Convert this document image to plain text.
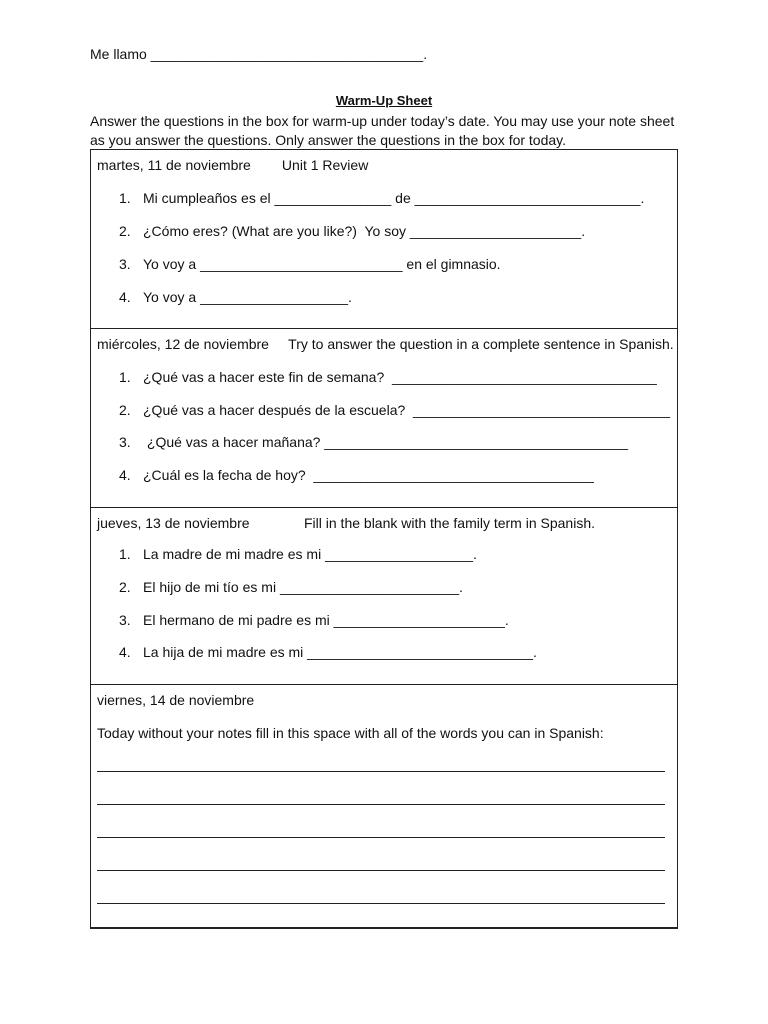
Me llamo ___________________________________.
Warm-Up Sheet
Answer the questions in the box for warm-up under today’s date. You may use your note sheet as you answer the questions. Only answer the questions in the box for today.
martes, 11 de noviembre        Unit 1 Review
1. Mi cumpleaños es el _______________ de _____________________________.
2. ¿Cómo eres? (What are you like?)  Yo soy ______________________.
3. Yo voy a __________________________ en el gimnasio.
4. Yo voy a ___________________.
miércoles, 12 de noviembre     Try to answer the question in a complete sentence in Spanish.
1. ¿Qué vas a hacer este fin de semana?  __________________________________
2. ¿Qué vas a hacer después de la escuela?  _________________________________
3. ¿Qué vas a hacer mañana? _______________________________________
4. ¿Cuál es la fecha de hoy?  ____________________________________
jueves, 13 de noviembre              Fill in the blank with the family term in Spanish.
1. La madre de mi madre es mi ___________________.
2. El hijo de mi tío es mi _______________________.
3. El hermano de mi padre es mi ______________________.
4. La hija de mi madre es mi _____________________________.
viernes, 14 de noviembre
Today without your notes fill in this space with all of the words you can in Spanish:
